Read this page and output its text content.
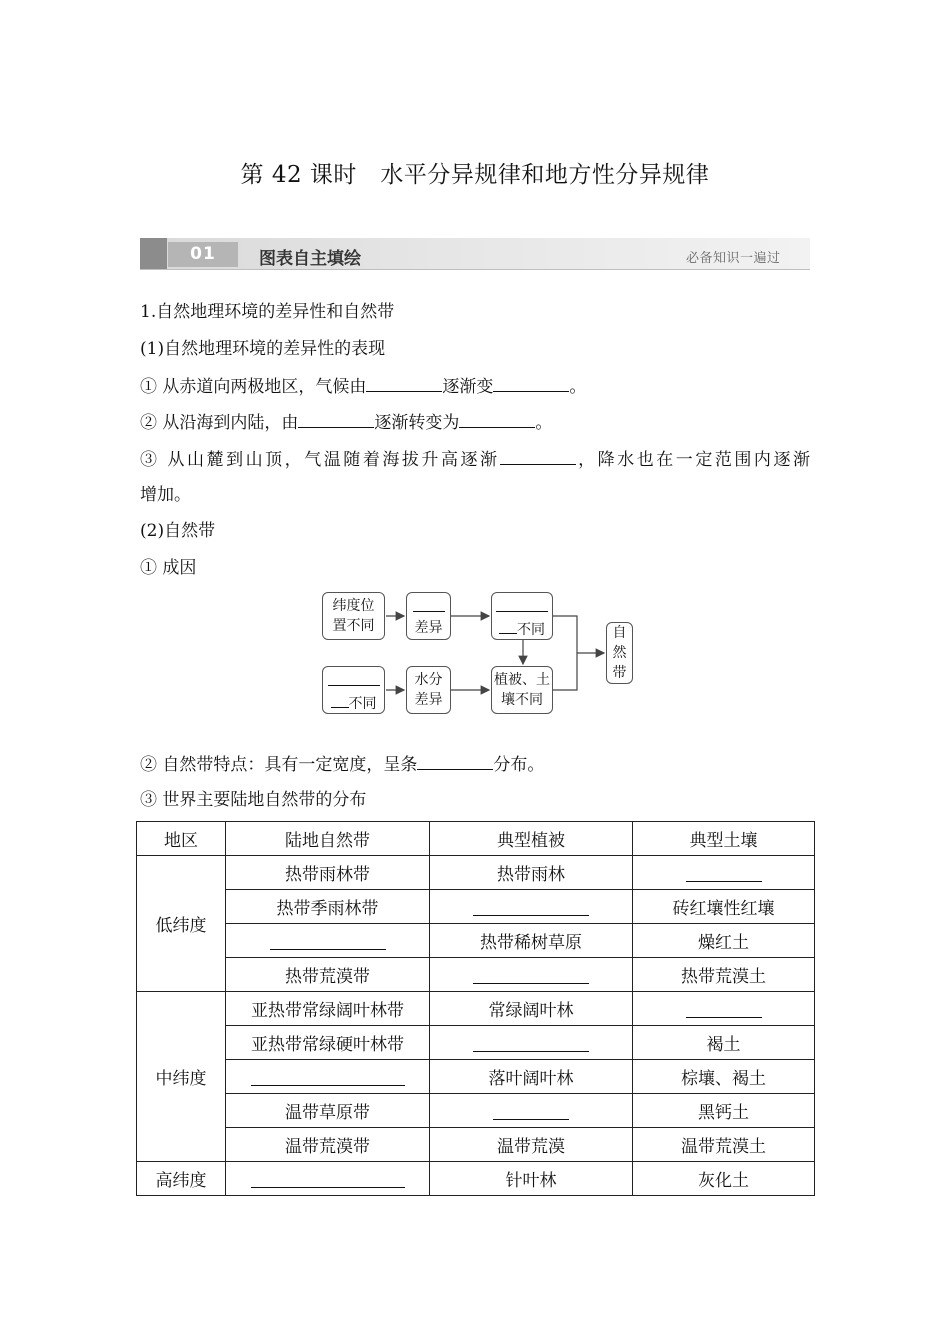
第 42 课时　水平分异规律和地方性分异规律
01	图表自主填绘	必备知识一遍过
1.自然地理环境的差异性和自然带
(1)自然地理环境的差异性的表现
① 从赤道向两极地区，气候由	逐渐变	。
② 从沿海到内陆，由	逐渐转变为	。
③ 从山麓到山顶，气温随着海拔升高逐渐	，降水也在一定范围内逐渐
增加。
(2)自然带
① 成因
纬度位
置不同	差异	不同
不同
水分
差异
植被、土
壤不同
自
然
带
② 自然带特点：具有一定宽度，呈条	分布。
③ 世界主要陆地自然带的分布
地区	陆地自然带	典型植被	典型土壤
低纬度	热带雨林带	热带雨林	
	热带季雨林带		砖红壤性红壤
		热带稀树草原	燥红土
	热带荒漠带		热带荒漠土
中纬度	亚热带常绿阔叶林带	常绿阔叶林	
	亚热带常绿硬叶林带		褐土
		落叶阔叶林	棕壤、褐土
	温带草原带		黑钙土
	温带荒漠带	温带荒漠	温带荒漠土
高纬度		针叶林	灰化土
